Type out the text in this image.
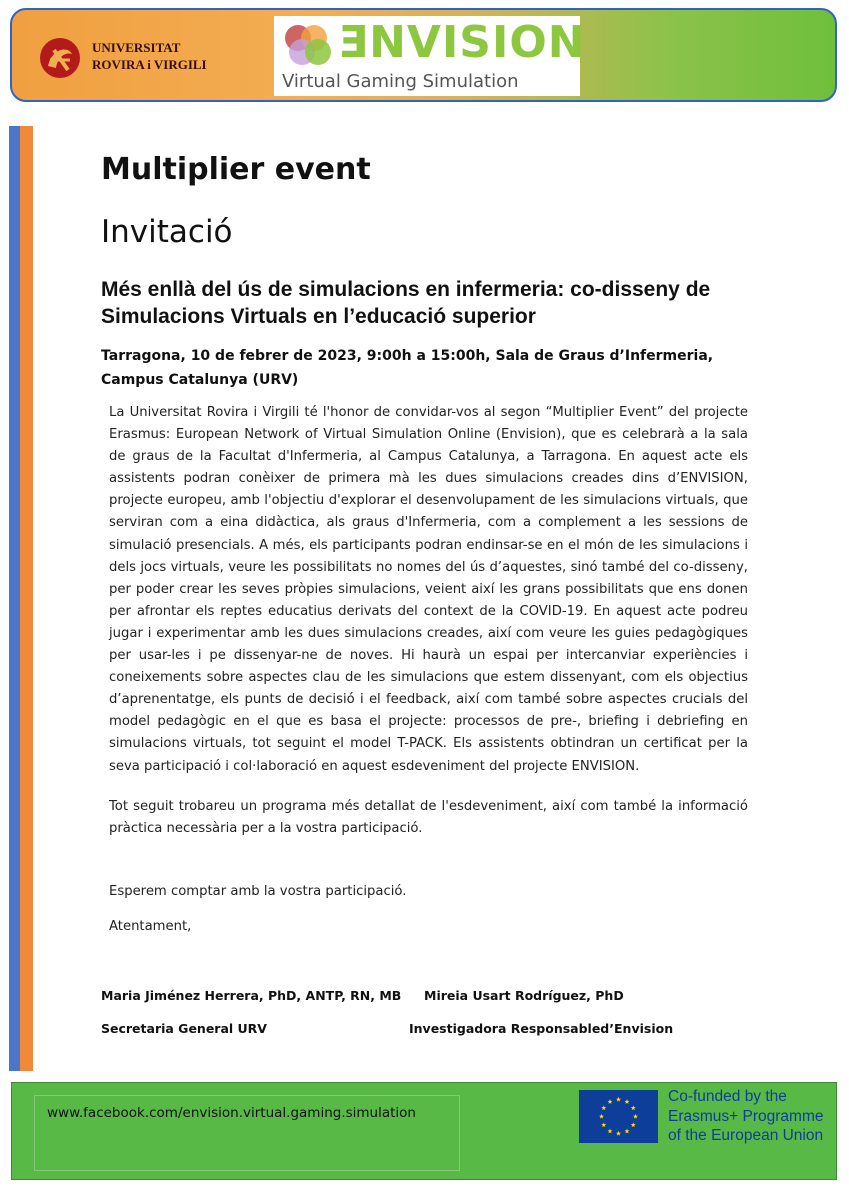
UNIVERSITAT
ROVIRA i VIRGILI	ƎNVISION
Virtual Gaming Simulation
Multiplier event
Invitació
Més enllà del ús de simulacions en infermeria: co-disseny de Simulacions Virtuals en l’educació superior

Tarragona, 10 de febrer de 2023, 9:00h a 15:00h, Sala de Graus d’Infermeria, Campus Catalunya (URV)

La Universitat Rovira i Virgili té l'honor de convidar-vos al segon “Multiplier Event” del projecte Erasmus: European Network of Virtual Simulation Online (Envision), que es celebrarà a la sala de graus de la Facultat d'Infermeria, al Campus Catalunya, a Tarragona. En aquest acte els assistents podran conèixer de primera mà les dues simulacions creades dins d’ENVISION, projecte europeu, amb l'objectiu d'explorar el desenvolupament de les simulacions virtuals, que serviran com a eina didàctica, als graus d'Infermeria, com a complement a les sessions de simulació presencials. A més, els participants podran endinsar-se en el món de les simulacions i dels jocs virtuals, veure les possibilitats no nomes del ús d’aquestes, sinó també del co-disseny, per poder crear les seves pròpies simulacions, veient així les grans possibilitats que ens donen per afrontar els reptes educatius derivats del context de la COVID-19. En aquest acte podreu jugar i experimentar amb les dues simulacions creades, així com veure les guies pedagògiques per usar-les i pe dissenyar-ne de noves. Hi haurà un espai per intercanviar experiències i coneixements sobre aspectes clau de les simulacions que estem dissenyant, com els objectius d’aprenentatge, els punts de decisió i el feedback, així com també sobre aspectes crucials del model pedagògic en el que es basa el projecte: processos de pre-, briefing i debriefing en simulacions virtuals, tot seguint el model T-PACK. Els assistents obtindran un certificat per la seva participació i col·laboració en aquest esdeveniment del projecte ENVISION.

Tot seguit trobareu un programa més detallat de l'esdeveniment, així com també la informació pràctica necessària per a la vostra participació.

Esperem comptar amb la vostra participació.

Atentament,

Maria Jiménez Herrera, PhD, ANTP, RN, MB

Secretaria General URV

Mireia Usart Rodríguez, PhD

Investigadora Responsabled’Envision

www.facebook.com/envision.virtual.gaming.simulation
Co-funded by the
Erasmus+ Programme
of the European Union
